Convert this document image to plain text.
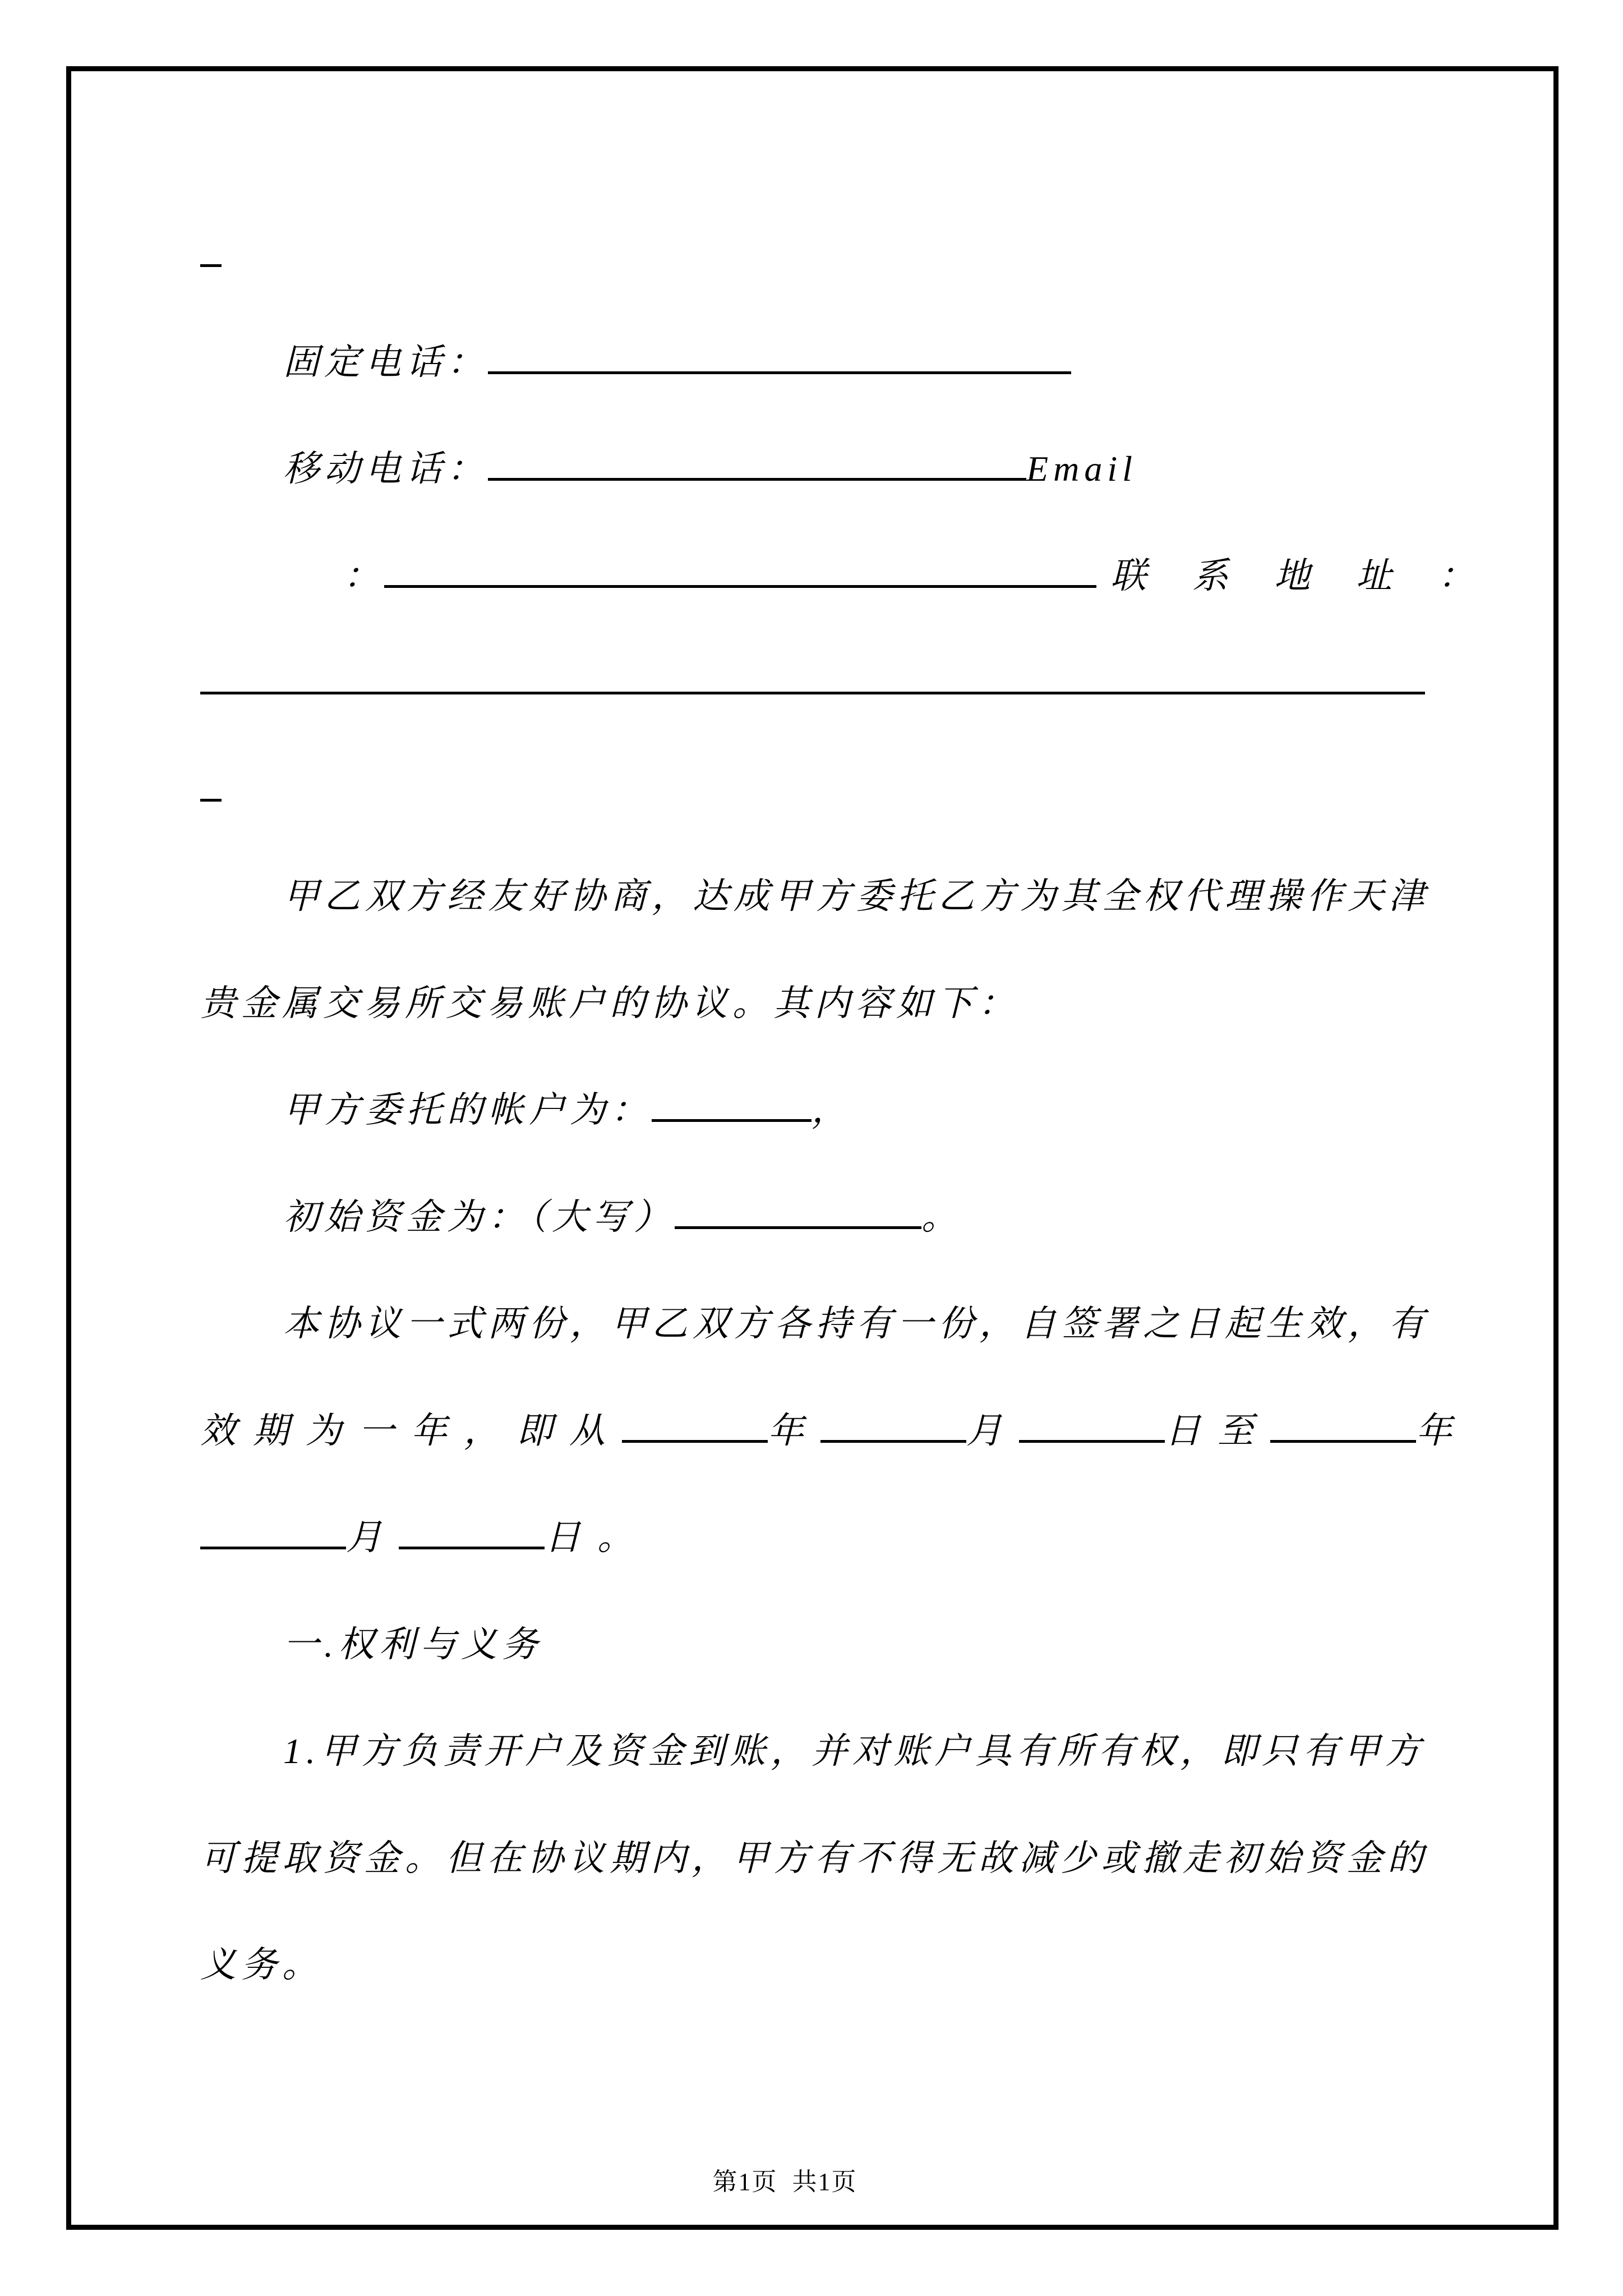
固定电话：
移动电话：	Email
：	联系地址：
甲乙双方经友好协商，达成甲方委托乙方为其全权代理操作天津
贵金属交易所交易账户的协议。其内容如下：
甲方委托的帐户为：	，
初始资金为：（大写）	。
本协议一式两份，甲乙双方各持有一份，自签署之日起生效，有
效期为一年，即从	年	月	日至	年
月	日。
一.权利与义务
1.甲方负责开户及资金到账，并对账户具有所有权，即只有甲方
可提取资金。但在协议期内，甲方有不得无故减少或撤走初始资金的
义务。

第1页  共1页
